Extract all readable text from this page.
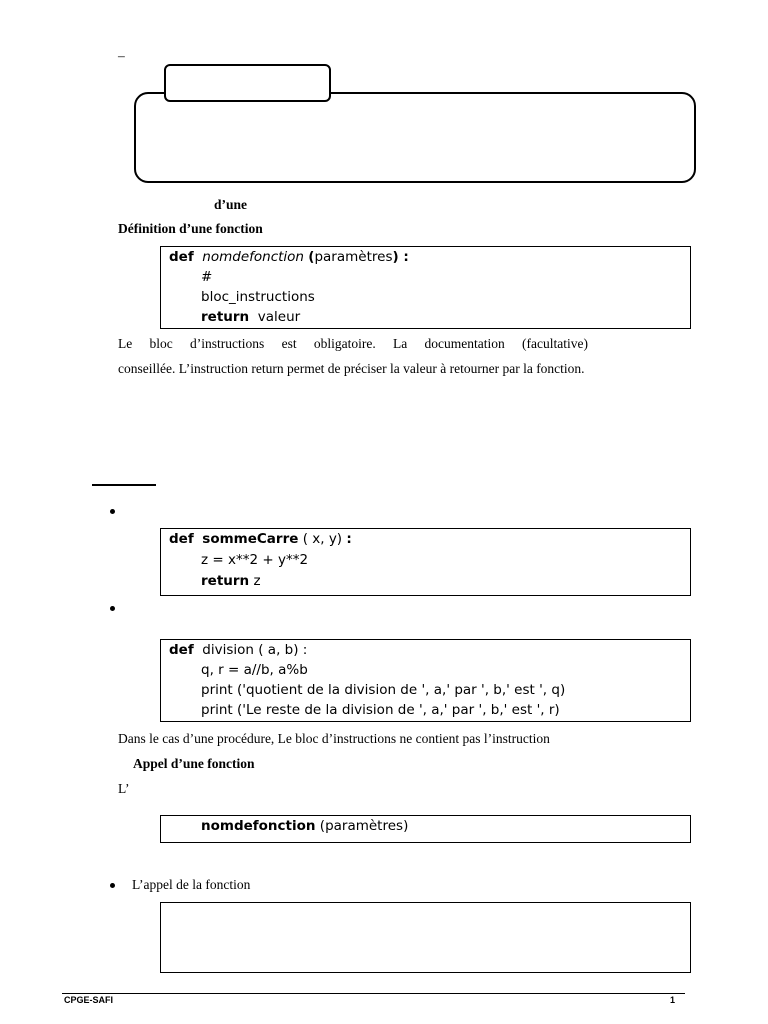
–
d’une
Définition d’une fonction
def nomdefonction (paramètres) :
#
bloc_instructions
return valeur
Le bloc d’instructions est obligatoire. La documentation (facultative)
conseillée. L’instruction return permet de préciser la valeur à retourner par la fonction.
def sommeCarre ( x, y) :
z = x**2 + y**2
return z
def division ( a, b) :
q, r = a//b, a%b
print ('quotient de la division de ', a,' par ', b,' est ', q)
print ('Le reste de la division de ', a,' par ', b,' est ', r)
Dans le cas d’une procédure, Le bloc d’instructions ne contient pas l’instruction
Appel d’une fonction
L’
nomdefonction (paramètres)
L’appel de la fonction
CPGE-SAFI	1
